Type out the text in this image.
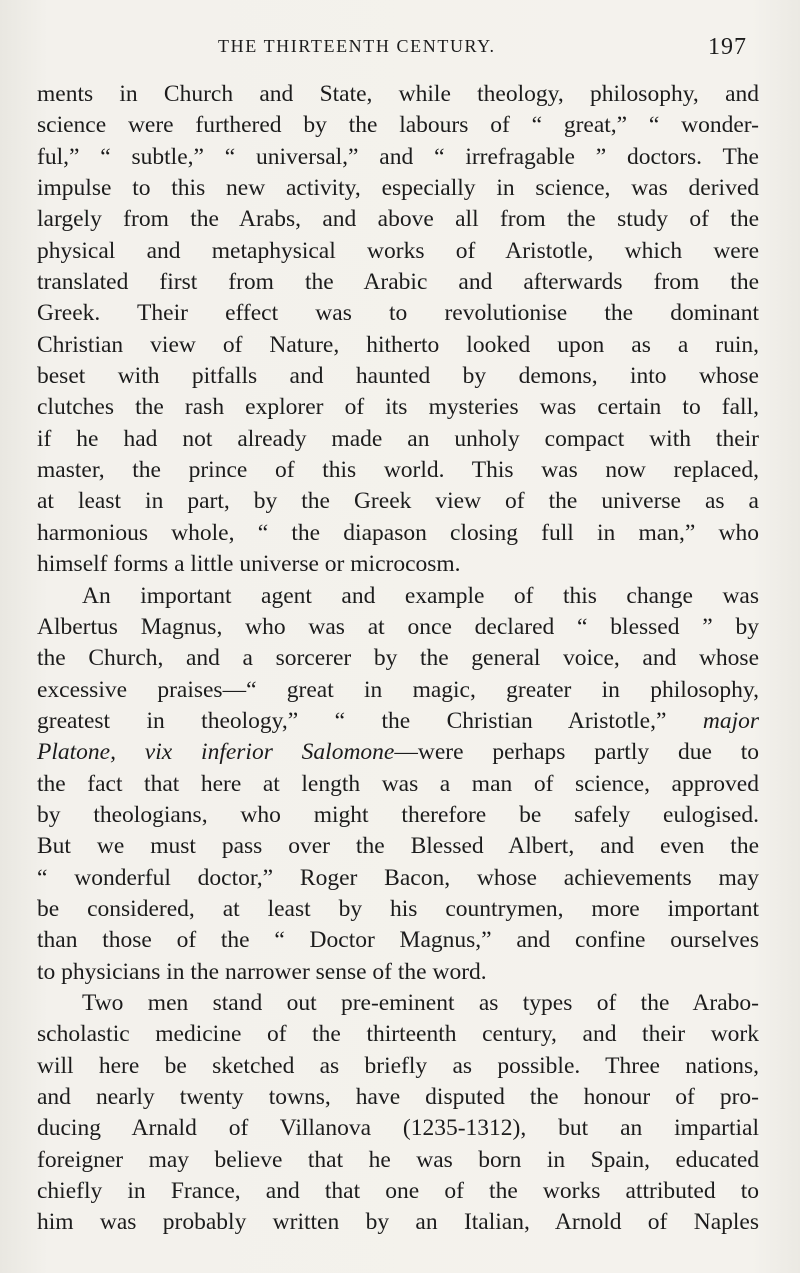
THE THIRTEENTH CENTURY.	197
ments in Church and State, while theology, philosophy, and
science were furthered by the labours of “ great,” “ wonder-
ful,” “ subtle,” “ universal,” and “ irrefragable ” doctors. The
impulse to this new activity, especially in science, was derived
largely from the Arabs, and above all from the study of the
physical and metaphysical works of Aristotle, which were
translated first from the Arabic and afterwards from the
Greek. Their effect was to revolutionise the dominant
Christian view of Nature, hitherto looked upon as a ruin,
beset with pitfalls and haunted by demons, into whose
clutches the rash explorer of its mysteries was certain to fall,
if he had not already made an unholy compact with their
master, the prince of this world. This was now replaced,
at least in part, by the Greek view of the universe as a
harmonious whole, “ the diapason closing full in man,” who
himself forms a little universe or microcosm.
An important agent and example of this change was
Albertus Magnus, who was at once declared “ blessed ” by
the Church, and a sorcerer by the general voice, and whose
excessive praises—“ great in magic, greater in philosophy,
greatest in theology,” “ the Christian Aristotle,” major
Platone, vix inferior Salomone—were perhaps partly due to
the fact that here at length was a man of science, approved
by theologians, who might therefore be safely eulogised.
But we must pass over the Blessed Albert, and even the
“ wonderful doctor,” Roger Bacon, whose achievements may
be considered, at least by his countrymen, more important
than those of the “ Doctor Magnus,” and confine ourselves
to physicians in the narrower sense of the word.
Two men stand out pre-eminent as types of the Arabo-
scholastic medicine of the thirteenth century, and their work
will here be sketched as briefly as possible. Three nations,
and nearly twenty towns, have disputed the honour of pro-
ducing Arnald of Villanova (1235-1312), but an impartial
foreigner may believe that he was born in Spain, educated
chiefly in France, and that one of the works attributed to
him was probably written by an Italian, Arnold of Naples
